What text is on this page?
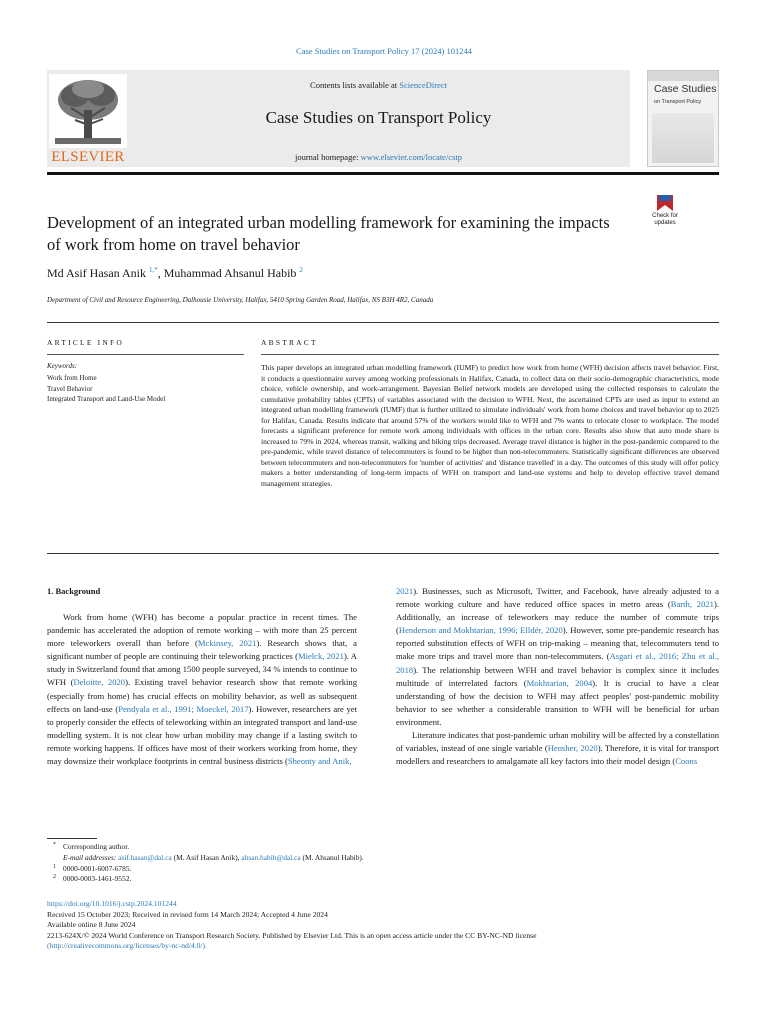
Case Studies on Transport Policy 17 (2024) 101244
ELSEVIER
Contents lists available at ScienceDirect
Case Studies on Transport Policy
journal homepage: www.elsevier.com/locate/cstp
Case Studies
on Transport Policy
Development of an integrated urban modelling framework for examining the impacts of work from home on travel behavior
Check for
updates
Md Asif Hasan Anik $^{1,*}$, Muhammad Ahsanul Habib $^2$
Department of Civil and Resource Engineering, Dalhousie University, Halifax, 5410 Spring Garden Road, Halifax, NS B3H 4R2, Canada
ARTICLE INFO
Keywords:
Work from Home
Travel Behavior
Integrated Transport and Land-Use Model
ABSTRACT
This paper develops an integrated urban modelling framework (IUMF) to predict how work from home (WFH) decision affects travel behavior. First, it conducts a questionnaire survey among working professionals in Halifax, Canada, to collect data on their socio-demographic characteristics, mode choice, vehicle ownership, and work-arrangement. Bayesian Belief network models are developed using the collected responses to calculate the cumulative probability tables (CPTs) of variables associated with the decision to WFH. Next, the ascertained CPTs are used as input to extend an integrated urban modelling framework (IUMF) that is further utilized to simulate individuals' work from home choices and travel behavior up to 2025 for Halifax, Canada. Results indicate that around 57% of the workers would like to WFH and 7% wants to relocate closer to workplace. The model forecasts a significant preference for remote work among individuals with offices in the urban core. Results also show that auto mode share is increased to 79% in 2024, whereas transit, walking and biking trips decreased. Average travel distance is higher in the post-pandemic compared to the pre-pandemic, while travel distance of telecommuters is found to be higher than non-telecommuters. Statistically significant differences are observed between telecommuters and non-telecommuters for 'number of activities' and 'distance travelled' in a day. The outcomes of this study will offer policy makers a better understanding of long-term impacts of WFH on transport and land-use systems and help to develop effective travel demand management strategies.
1. Background

Work from home (WFH) has become a popular practice in recent times. The pandemic has accelerated the adoption of remote working – with more than 25 percent more teleworkers overall than before (Mckinsey, 2021). Research shows that, a significant number of people are continuing their teleworking practices (Mielck, 2021). A study in Switzerland found that among 1500 people surveyed, 34 % intends to continue to WFH (Deloitte, 2020). Existing travel behavior research show that remote working (especially from home) has crucial effects on mobility behavior, as well as subsequent effects on land-use (Pendyala et al., 1991; Moeckel, 2017). However, researchers are yet to properly consider the effects of teleworking within an integrated transport and land-use modelling system. It is not clear how urban mobility may change if a lasting switch to remote working happens. If offices have most of their workers working from home, they may downsize their workplace footprints in central business districts (Sheonty and Anik,

2021). Businesses, such as Microsoft, Twitter, and Facebook, have already adjusted to a remote working culture and have reduced office spaces in metro areas (Barth, 2021). Additionally, an increase of teleworkers may reduce the number of commute trips (Henderson and Mokhtarian, 1996; Elldér, 2020). However, some pre-pandemic research has reported substitution effects of WFH on trip-making – meaning that, telecommuters tend to make more trips and travel more than non-telecommuters. (Asgari et al., 2016; Zhu et al., 2018). The relationship between WFH and travel behavior is complex since it includes multitude of interrelated factors (Mokhtarian, 2004). It is crucial to have a clear understanding of how the decision to WFH may affect peoples' post-pandemic mobility behavior to see whether a considerable transition to WFH will be beneficial for urban environment.

Literature indicates that post-pandemic urban mobility will be affected by a constellation of variables, instead of one single variable (Hensher, 2020). Therefore, it is vital for transport modellers and researchers to amalgamate all key factors into their model design (Coons

* Corresponding author.
E-mail addresses: asif.hasan@dal.ca (M. Asif Hasan Anik), ahsan.habib@dal.ca (M. Ahsanul Habib).
1 0000-0001-6007-6785.
2 0000-0003-1461-9552.
https://doi.org/10.1016/j.cstp.2024.101244
Received 15 October 2023; Received in revised form 14 March 2024; Accepted 4 June 2024
Available online 8 June 2024
2213-624X/© 2024 World Conference on Transport Research Society. Published by Elsevier Ltd. This is an open access article under the CC BY-NC-ND license
(http://creativecommons.org/licenses/by-nc-nd/4.0/).
